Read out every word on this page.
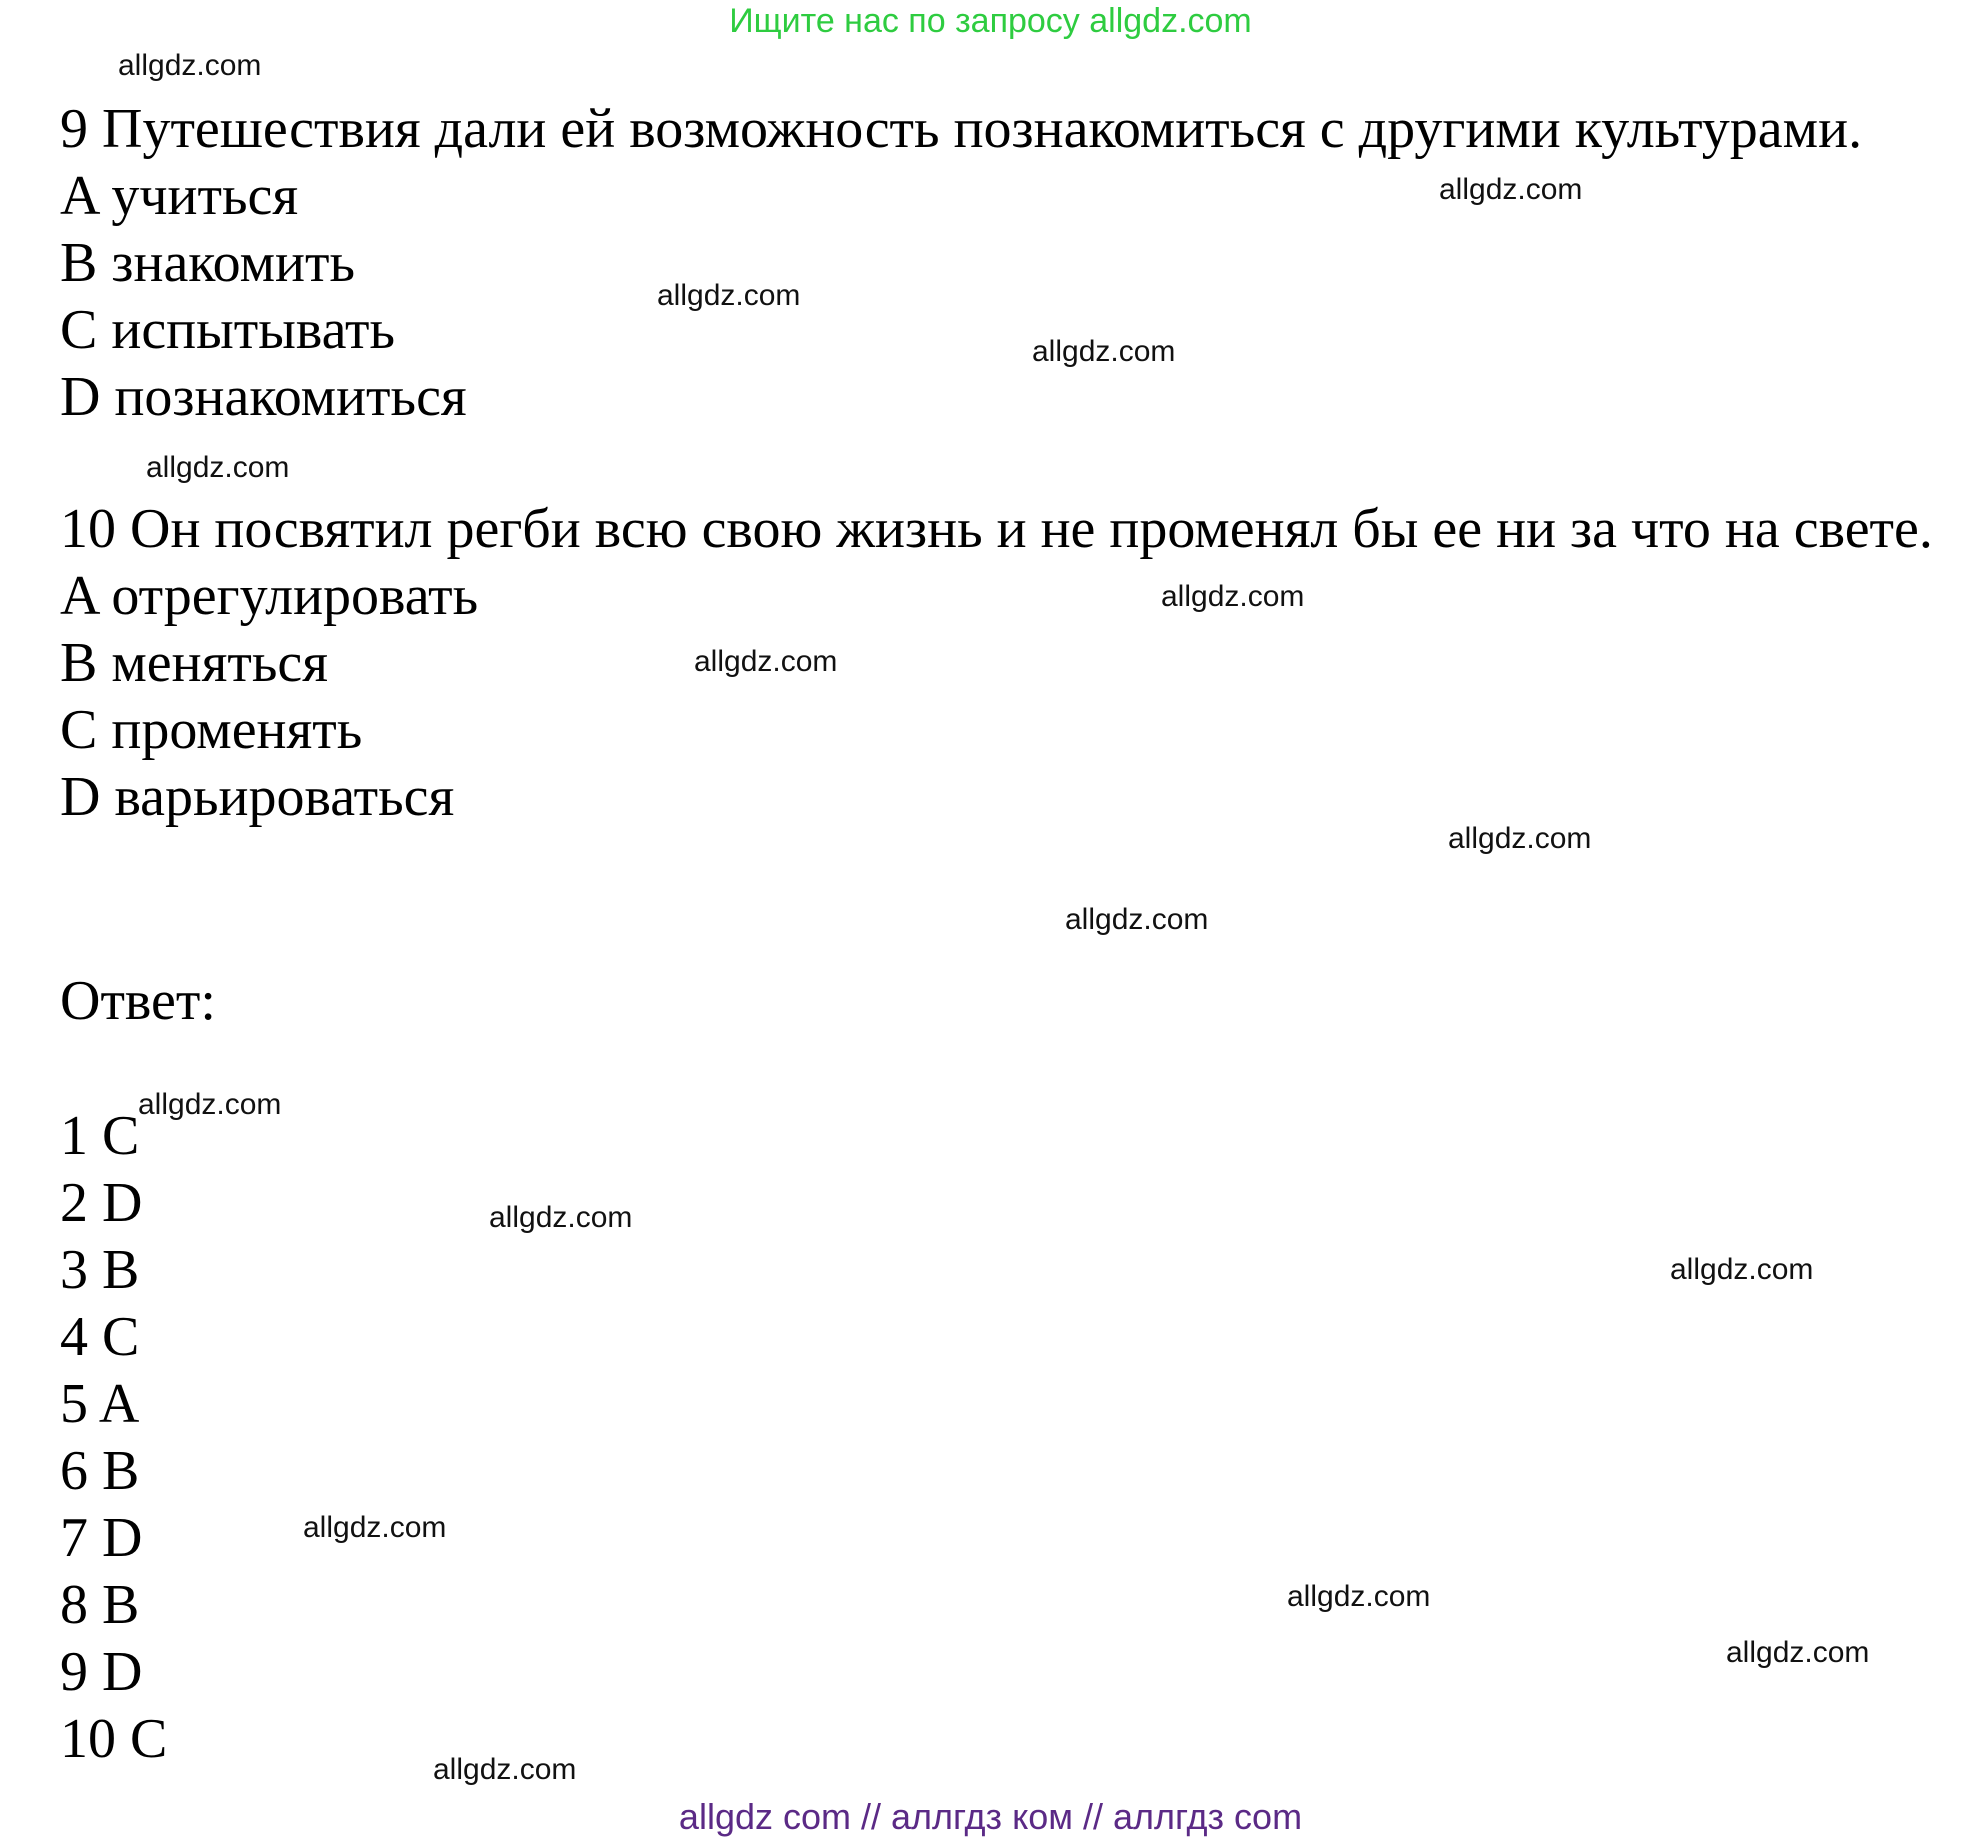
Ищите нас по запросу allgdz.com
9 Путешествия дали ей возможность познакомиться с другими культурами.
A учиться
B знакомить
C испытывать
D познакомиться
10 Он посвятил регби всю свою жизнь и не променял бы ее ни за что на свете.
A отрегулировать
B меняться
C променять
D варьироваться
Ответ:
1 C
2 D
3 B
4 C
5 A
6 B
7 D
8 B
9 D
10 C
allgdz.com
allgdz.com
allgdz.com
allgdz.com
allgdz.com
allgdz.com
allgdz.com
allgdz.com
allgdz.com
allgdz.com
allgdz.com
allgdz.com
allgdz.com
allgdz.com
allgdz.com
allgdz.com
allgdz com // аллгдз ком // аллгдз com
